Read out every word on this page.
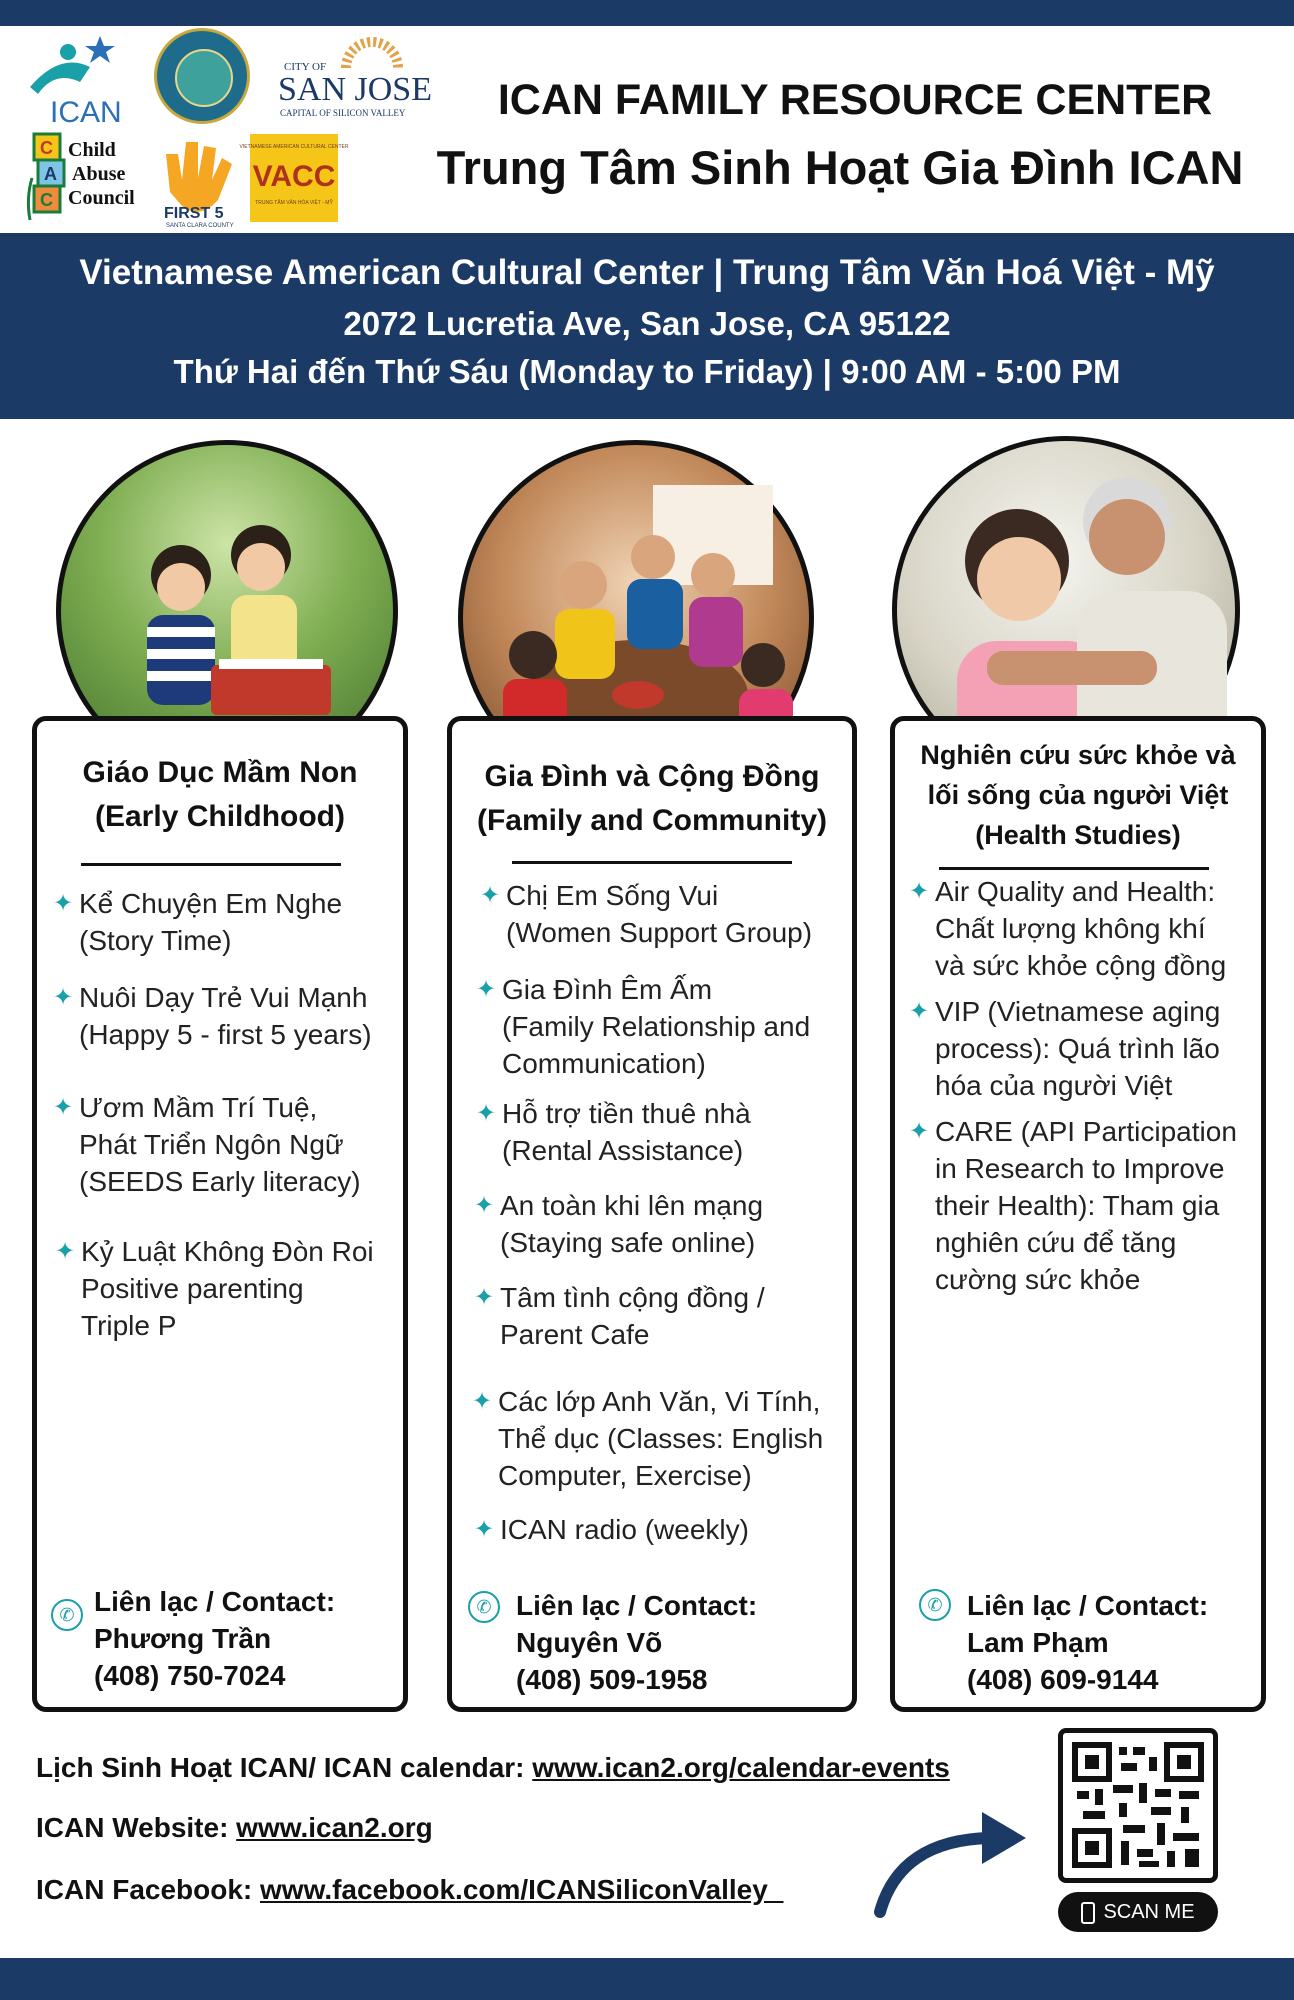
ICAN
CITY OF
SAN JOSE
CAPITAL OF SILICON VALLEY
C
A
C
Child
Abuse
Council
FIRST 5
SANTA CLARA COUNTY
VIETNAMESE AMERICAN CULTURAL CENTER
VACC
TRUNG TÂM VĂN HÓA VIỆT - MỸ
ICAN FAMILY RESOURCE CENTER
Trung Tâm Sinh Hoạt Gia Đình ICAN
Vietnamese American Cultural Center | Trung Tâm Văn Hoá Việt - Mỹ
2072 Lucretia Ave, San Jose, CA 95122
Thứ Hai đến Thứ Sáu (Monday to Friday) | 9:00 AM - 5:00 PM
Giáo Dục Mầm Non
(Early Childhood)
✦ Kể Chuyện Em Nghe
(Story Time)
✦ Nuôi Dạy Trẻ Vui Mạnh
(Happy 5 - first 5 years)
✦ Ươm Mầm Trí Tuệ,
Phát Triển Ngôn Ngữ
(SEEDS Early literacy)
✦ Kỷ Luật Không Đòn Roi
Positive parenting
Triple P
✆ Liên lạc / Contact:
Phương Trần
(408) 750-7024
Gia Đình và Cộng Đồng
(Family and Community)
✦ Chị Em Sống Vui
(Women Support Group)
✦ Gia Đình Êm Ấm
(Family Relationship and
Communication)
✦ Hỗ trợ tiền thuê nhà
(Rental Assistance)
✦ An toàn khi lên mạng
(Staying safe online)
✦ Tâm tình cộng đồng /
Parent Cafe
✦ Các lớp Anh Văn, Vi Tính,
Thể dục (Classes: English
Computer, Exercise)
✦ ICAN radio (weekly)
✆ Liên lạc / Contact:
Nguyên Võ
(408) 509-1958
Nghiên cứu sức khỏe và
lối sống của người Việt
(Health Studies)
✦ Air Quality and Health:
Chất lượng không khí
và sức khỏe cộng đồng
✦ VIP (Vietnamese aging
process): Quá trình lão
hóa của người Việt
✦ CARE (API Participation
in Research to Improve
their Health): Tham gia
nghiên cứu để tăng
cường sức khỏe
✆ Liên lạc / Contact:
Lam Phạm
(408) 609-9144
Lịch Sinh Hoạt ICAN/ ICAN calendar: www.ican2.org/calendar-events
ICAN Website: www.ican2.org
ICAN Facebook: www.facebook.com/ICANSiliconValley_
SCAN ME
